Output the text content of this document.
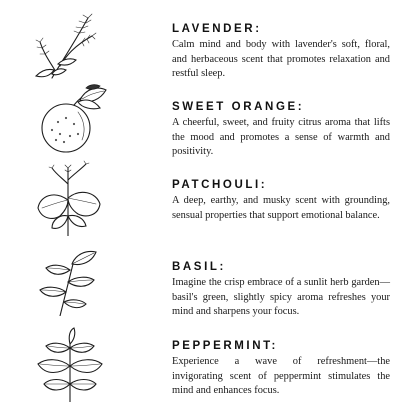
LAVENDER:

Calm mind and body with lavender's soft, floral, and herbaceous scent that promotes relaxation and restful sleep.

SWEET ORANGE:

A cheerful, sweet, and fruity citrus aroma that lifts the mood and promotes a sense of warmth and positivity.

PATCHOULI:

A deep, earthy, and musky scent with grounding, sensual properties that support emotional balance.

BASIL:

Imagine the crisp embrace of a sunlit herb garden—basil's green, slightly spicy aroma refreshes your mind and sharpens your focus.

PEPPERMINT:

Experience a wave of refreshment—the invigorating scent of peppermint stimulates the mind and enhances focus.
